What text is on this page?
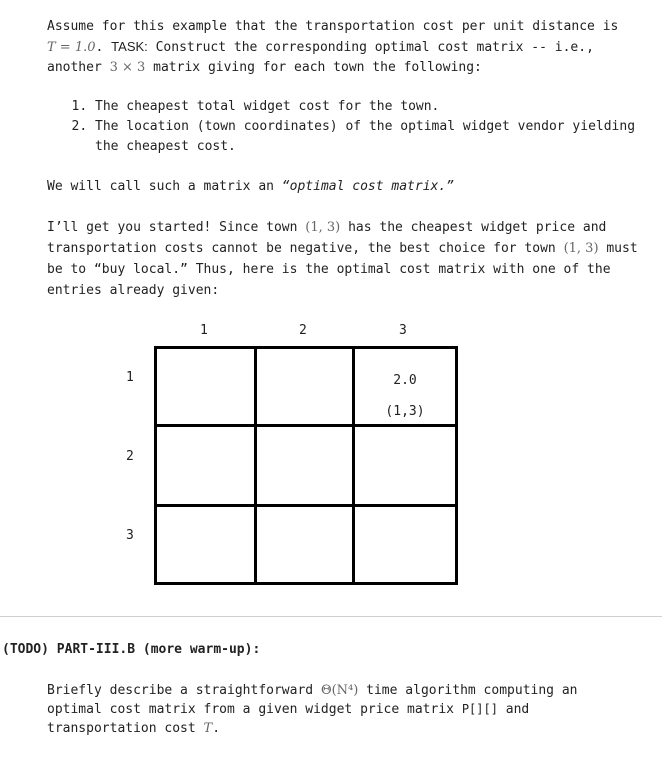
Assume for this example that the transportation cost per unit distance is
T = 1.0. TASK: Construct the corresponding optimal cost matrix -- i.e.,
another 3 × 3 matrix giving for each town the following:
1. The cheapest total widget cost for the town.
2. The location (town coordinates) of the optimal widget vendor yielding the cheapest cost.
We will call such a matrix an “optimal cost matrix.”
I’ll get you started! Since town (1, 3) has the cheapest widget price and transportation costs cannot be negative, the best choice for town (1, 3) must be to “buy local.” Thus, here is the optimal cost matrix with one of the entries already given:
1	2	3
1
2
3
2.0
(1,3)
(TODO) PART-III.B (more warm-up):
Briefly describe a straightforward Θ(N⁴) time algorithm computing an optimal cost matrix from a given widget price matrix P[][] and transportation cost T.
